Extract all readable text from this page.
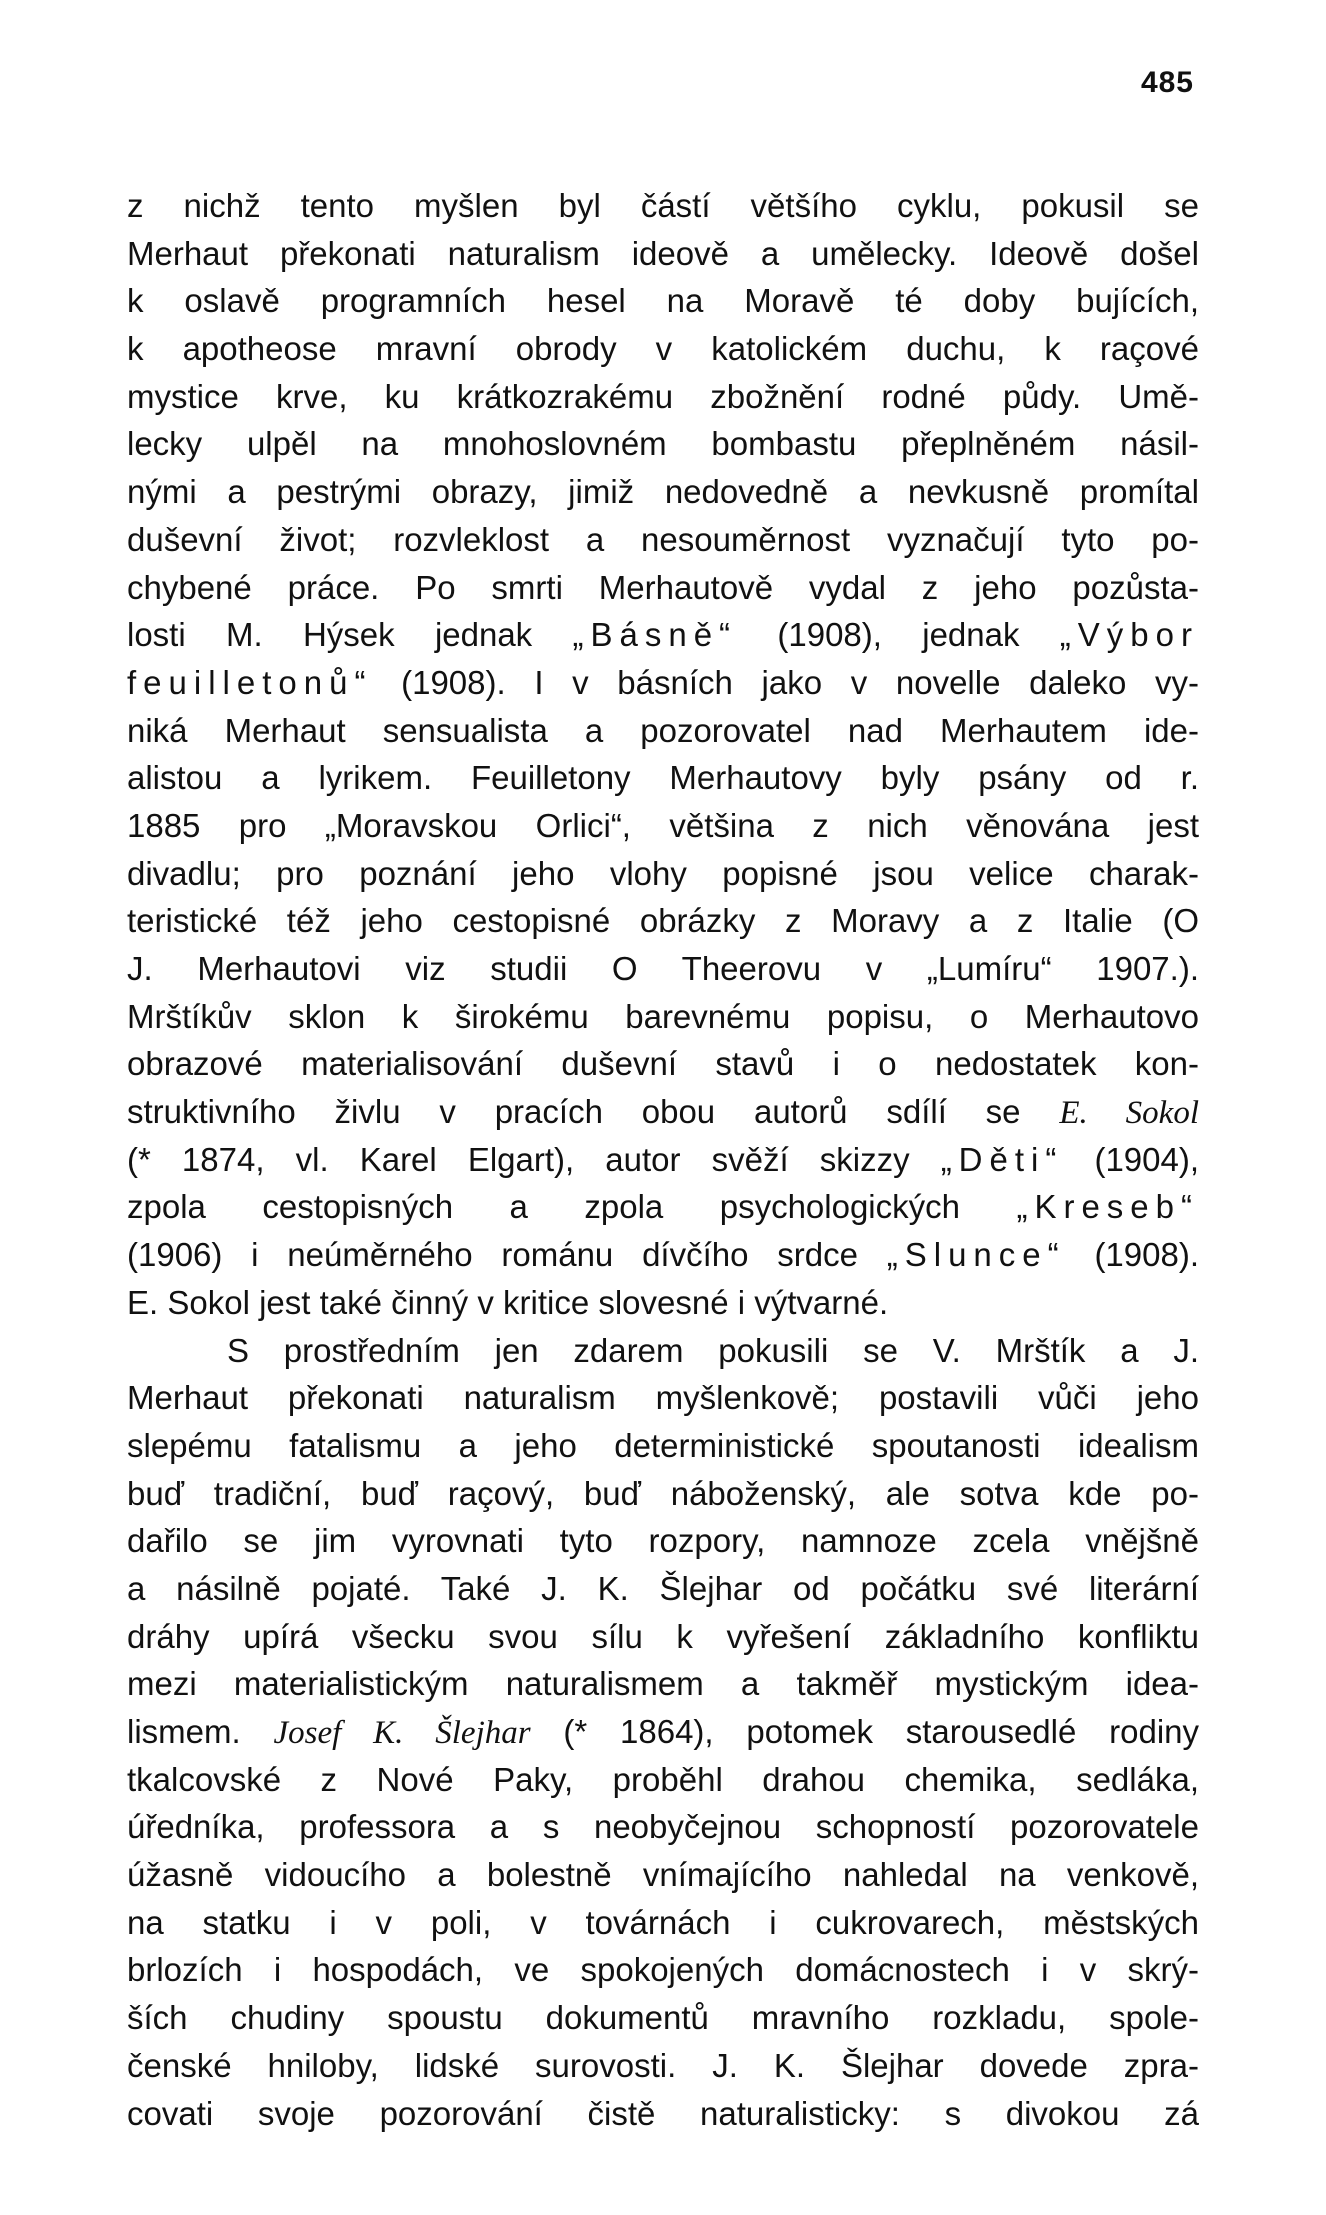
485
z nichž tento myšlen byl částí většího cyklu, pokusil se
Merhaut překonati naturalism ideově a umělecky. Ideově došel
k oslavě programních hesel na Moravě té doby bujících,
k apotheose mravní obrody v katolickém duchu, k raçové
mystice krve, ku krátkozrakému zbožnění rodné půdy. Umě-
lecky ulpěl na mnohoslovném bombastu přeplněném násil-
nými a pestrými obrazy, jimiž nedovedně a nevkusně promítal
duševní život; rozvleklost a nesouměrnost vyznačují tyto po-
chybené práce. Po smrti Merhautově vydal z jeho pozůsta-
losti M. Hýsek jednak „Básně“ (1908), jednak „Výbor
feuilletonů“ (1908). I v básních jako v novelle daleko vy-
niká Merhaut sensualista a pozorovatel nad Merhautem ide-
alistou a lyrikem. Feuilletony Merhautovy byly psány od r.
1885 pro „Moravskou Orlici“, většina z nich věnována jest
divadlu; pro poznání jeho vlohy popisné jsou velice charak-
teristické též jeho cestopisné obrázky z Moravy a z Italie (O
J. Merhautovi viz studii O Theerovu v „Lumíru“ 1907.).
Mrštíkův sklon k širokému barevnému popisu, o Merhautovo
obrazové materialisování duševní stavů i o nedostatek kon-
struktivního živlu v pracích obou autorů sdílí se E. Sokol
(* 1874, vl. Karel Elgart), autor svěží skizzy „Děti“ (1904),
zpola cestopisných a zpola psychologických „Kreseb“
(1906) i neúměrného románu dívčího srdce „Slunce“ (1908).
E. Sokol jest také činný v kritice slovesné i výtvarné.
S prostředním jen zdarem pokusili se V. Mrštík a J.
Merhaut překonati naturalism myšlenkově; postavili vůči jeho
slepému fatalismu a jeho deterministické spoutanosti idealism
buď tradiční, buď raçový, buď náboženský, ale sotva kde po-
dařilo se jim vyrovnati tyto rozpory, namnoze zcela vnějšně
a násilně pojaté. Také J. K. Šlejhar od počátku své literární
dráhy upírá všecku svou sílu k vyřešení základního konfliktu
mezi materialistickým naturalismem a takměř mystickým idea-
lismem. Josef K. Šlejhar (* 1864), potomek starousedlé rodiny
tkalcovské z Nové Paky, proběhl drahou chemika, sedláka,
úředníka, professora a s neobyčejnou schopností pozorovatele
úžasně vidoucího a bolestně vnímajícího nahledal na venkově,
na statku i v poli, v továrnách i cukrovarech, městských
brlozích i hospodách, ve spokojených domácnostech i v skrý-
ších chudiny spoustu dokumentů mravního rozkladu, spole-
čenské hniloby, lidské surovosti. J. K. Šlejhar dovede zpra-
covati svoje pozorování čistě naturalisticky: s divokou zá
